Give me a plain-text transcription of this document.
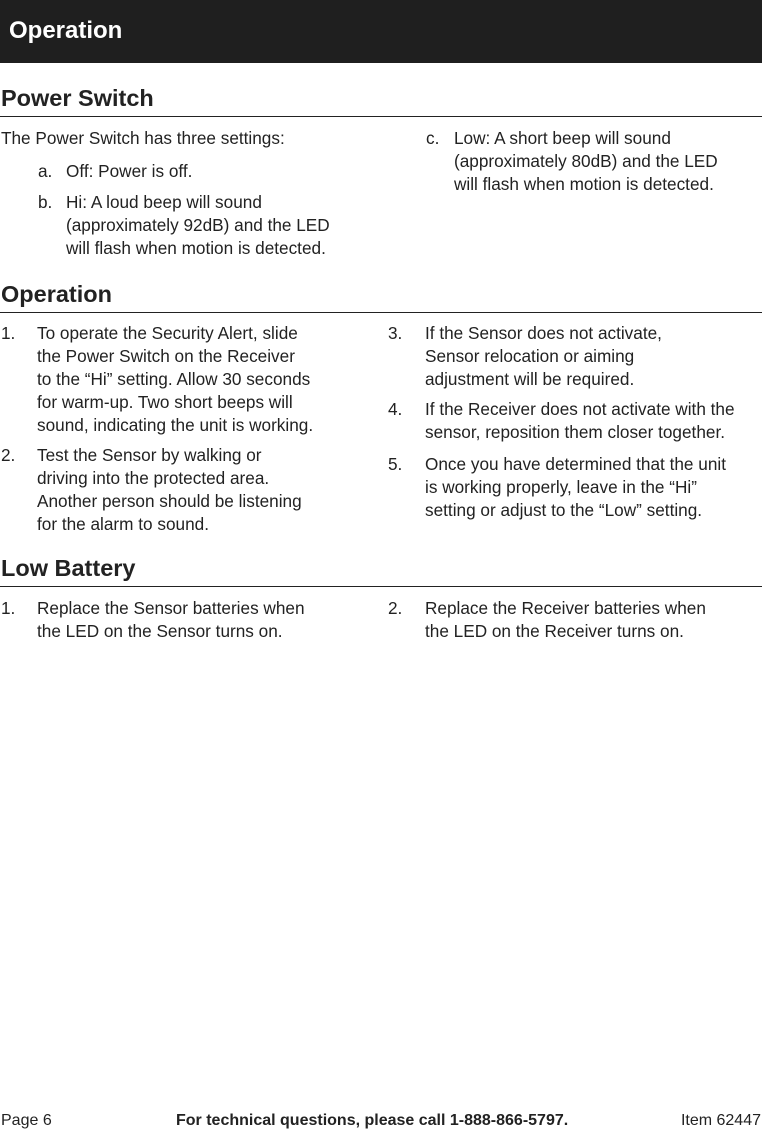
Operation
Power Switch

The Power Switch has three settings:

a. Off: Power is off.
b. Hi: A loud beep will sound
(approximately 92dB) and the LED
will flash when motion is detected.
c. Low: A short beep will sound
(approximately 80dB) and the LED
will flash when motion is detected.
Operation
1. To operate the Security Alert, slide
the Power Switch on the Receiver
to the “Hi” setting. Allow 30 seconds
for warm-up. Two short beeps will
sound, indicating the unit is working.
2. Test the Sensor by walking or
driving into the protected area.
Another person should be listening
for the alarm to sound.
3. If the Sensor does not activate,
Sensor relocation or aiming
adjustment will be required.
4. If the Receiver does not activate with the
sensor, reposition them closer together.
5. Once you have determined that the unit
is working properly, leave in the “Hi”
setting or adjust to the “Low” setting.
Low Battery
1. Replace the Sensor batteries when
the LED on the Sensor turns on.
2. Replace the Receiver batteries when
the LED on the Receiver turns on.
Page 6	For technical questions, please call 1-888-866-5797.	Item 62447
